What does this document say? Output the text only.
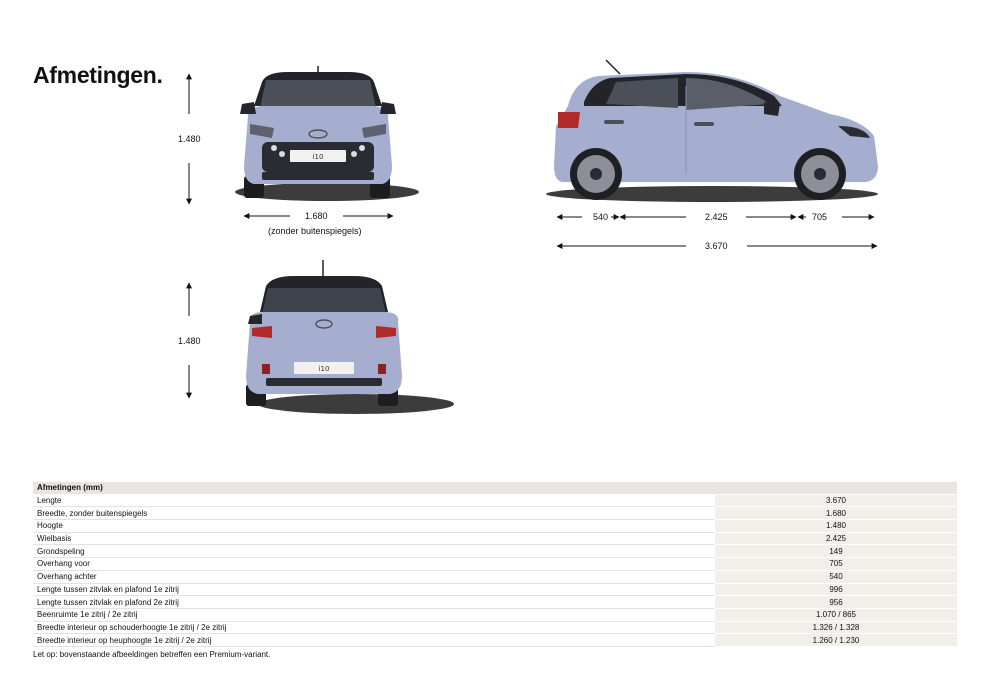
Afmetingen.
1.480
1.680
(zonder buitenspiegels)
1.480
540	2.425	705
3.670
i10
i10
Afmetingen (mm)	
Lengte	3.670
Breedte, zonder buitenspiegels	1.680
Hoogte	1.480
Wielbasis	2.425
Grondspeling	149
Overhang voor	705
Overhang achter	540
Lengte tussen zitvlak en plafond 1e zitrij	996
Lengte tussen zitvlak en plafond 2e zitrij	956
Beenruimte 1e zitrij / 2e zitrij	1.070 / 865
Breedte interieur op schouderhoogte 1e zitrij / 2e zitrij	1.326 / 1.328
Breedte interieur op heuphoogte 1e zitrij / 2e zitrij	1.260 / 1.230
Let op: bovenstaande afbeeldingen betreffen een Premium-variant.
